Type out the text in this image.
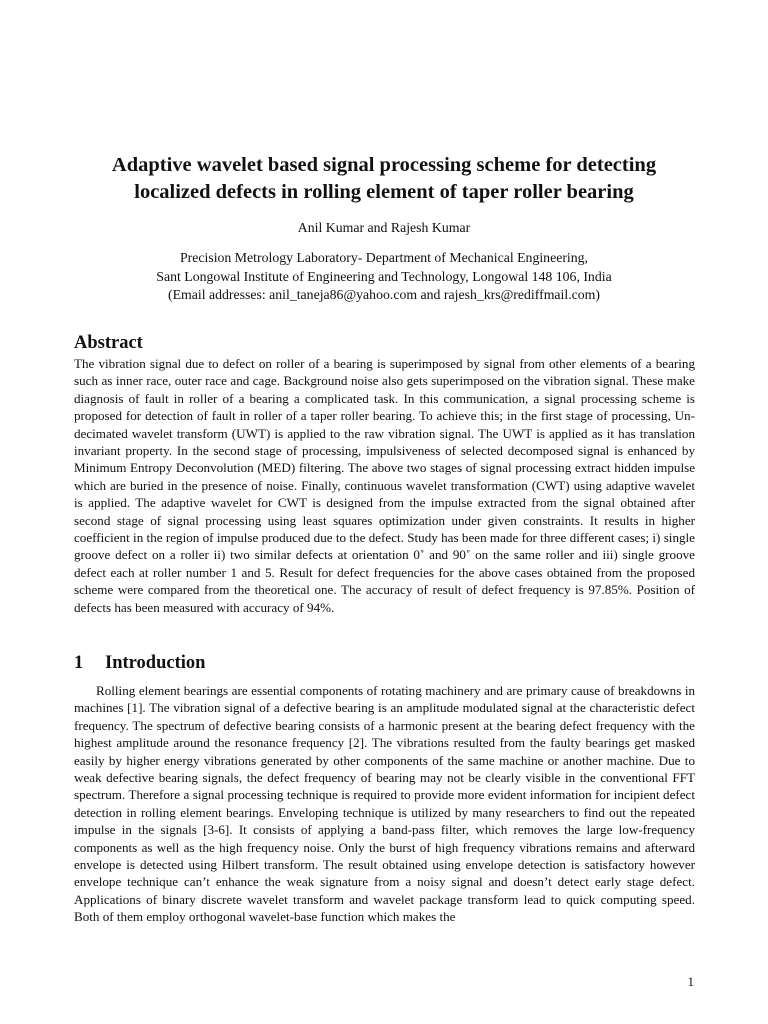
Adaptive wavelet based signal processing scheme for detecting
localized defects in rolling element of taper roller bearing
Anil Kumar and Rajesh Kumar
Precision Metrology Laboratory- Department of Mechanical Engineering,
Sant Longowal Institute of Engineering and Technology, Longowal 148 106, India
(Email addresses: anil_taneja86@yahoo.com and rajesh_krs@rediffmail.com)
Abstract

The vibration signal due to defect on roller of a bearing is superimposed by signal from other elements of a bearing such as inner race, outer race and cage. Background noise also gets superimposed on the vibration signal. These make diagnosis of fault in roller of a bearing a complicated task. In this communication, a signal processing scheme is proposed for detection of fault in roller of a taper roller bearing. To achieve this; in the first stage of processing, Un-decimated wavelet transform (UWT) is applied to the raw vibration signal. The UWT is applied as it has translation invariant property. In the second stage of processing, impulsiveness of selected decomposed signal is enhanced by Minimum Entropy Deconvolution (MED) filtering. The above two stages of signal processing extract hidden impulse which are buried in the presence of noise. Finally, continuous wavelet transformation (CWT) using adaptive wavelet is applied. The adaptive wavelet for CWT is designed from the impulse extracted from the signal obtained after second stage of signal processing using least squares optimization under given constraints. It results in higher coefficient in the region of impulse produced due to the defect. Study has been made for three different cases; i) single groove defect on a roller ii) two similar defects at orientation 0˚ and 90˚ on the same roller and iii) single groove defect each at roller number 1 and 5. Result for defect frequencies for the above cases obtained from the proposed scheme were compared from the theoretical one. The accuracy of result of defect frequency is 97.85%. Position of defects has been measured with accuracy of 94%.

1 Introduction

Rolling element bearings are essential components of rotating machinery and are primary cause of breakdowns in machines [1]. The vibration signal of a defective bearing is an amplitude modulated signal at the characteristic defect frequency. The spectrum of defective bearing consists of a harmonic present at the bearing defect frequency with the highest amplitude around the resonance frequency [2]. The vibrations resulted from the faulty bearings get masked easily by higher energy vibrations generated by other components of the same machine or another machine. Due to weak defective bearing signals, the defect frequency of bearing may not be clearly visible in the conventional FFT spectrum. Therefore a signal processing technique is required to provide more evident information for incipient defect detection in rolling element bearings. Enveloping technique is utilized by many researchers to find out the repeated impulse in the signals [3-6]. It consists of applying a band-pass filter, which removes the large low-frequency components as well as the high frequency noise. Only the burst of high frequency vibrations remains and afterward envelope is detected using Hilbert transform. The result obtained using envelope detection is satisfactory however envelope technique can’t enhance the weak signature from a noisy signal and doesn’t detect early stage defect. Applications of binary discrete wavelet transform and wavelet package transform lead to quick computing speed. Both of them employ orthogonal wavelet-base function which makes the

1
